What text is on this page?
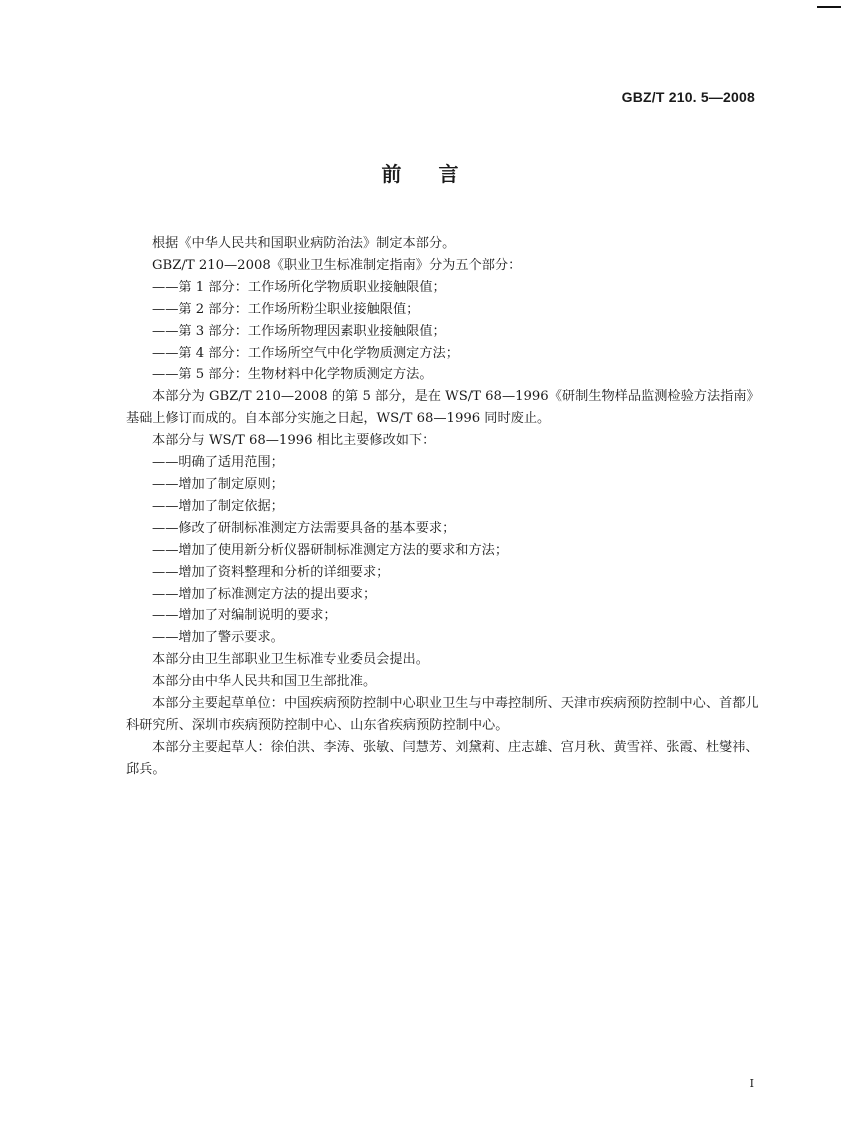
GBZ/T 210. 5—2008
前 言

根据《中华人民共和国职业病防治法》制定本部分。

GBZ/T 210—2008《职业卫生标准制定指南》分为五个部分：

——第 1 部分：工作场所化学物质职业接触限值；

——第 2 部分：工作场所粉尘职业接触限值；

——第 3 部分：工作场所物理因素职业接触限值；

——第 4 部分：工作场所空气中化学物质测定方法；

——第 5 部分：生物材料中化学物质测定方法。

本部分为 GBZ/T 210—2008 的第 5 部分，是在 WS/T 68—1996《研制生物样品监测检验方法指南》基础上修订而成的。自本部分实施之日起，WS/T 68—1996 同时废止。

本部分与 WS/T 68—1996 相比主要修改如下：

——明确了适用范围；

——增加了制定原则；

——增加了制定依据；

——修改了研制标准测定方法需要具备的基本要求；

——增加了使用新分析仪器研制标准测定方法的要求和方法；

——增加了资料整理和分析的详细要求；

——增加了标准测定方法的提出要求；

——增加了对编制说明的要求；

——增加了警示要求。

本部分由卫生部职业卫生标准专业委员会提出。

本部分由中华人民共和国卫生部批准。

本部分主要起草单位：中国疾病预防控制中心职业卫生与中毒控制所、天津市疾病预防控制中心、首都儿科研究所、深圳市疾病预防控制中心、山东省疾病预防控制中心。

本部分主要起草人：徐伯洪、李涛、张敏、闫慧芳、刘黛莉、庄志雄、宫月秋、黄雪祥、张霞、杜燮祎、邱兵。

I
